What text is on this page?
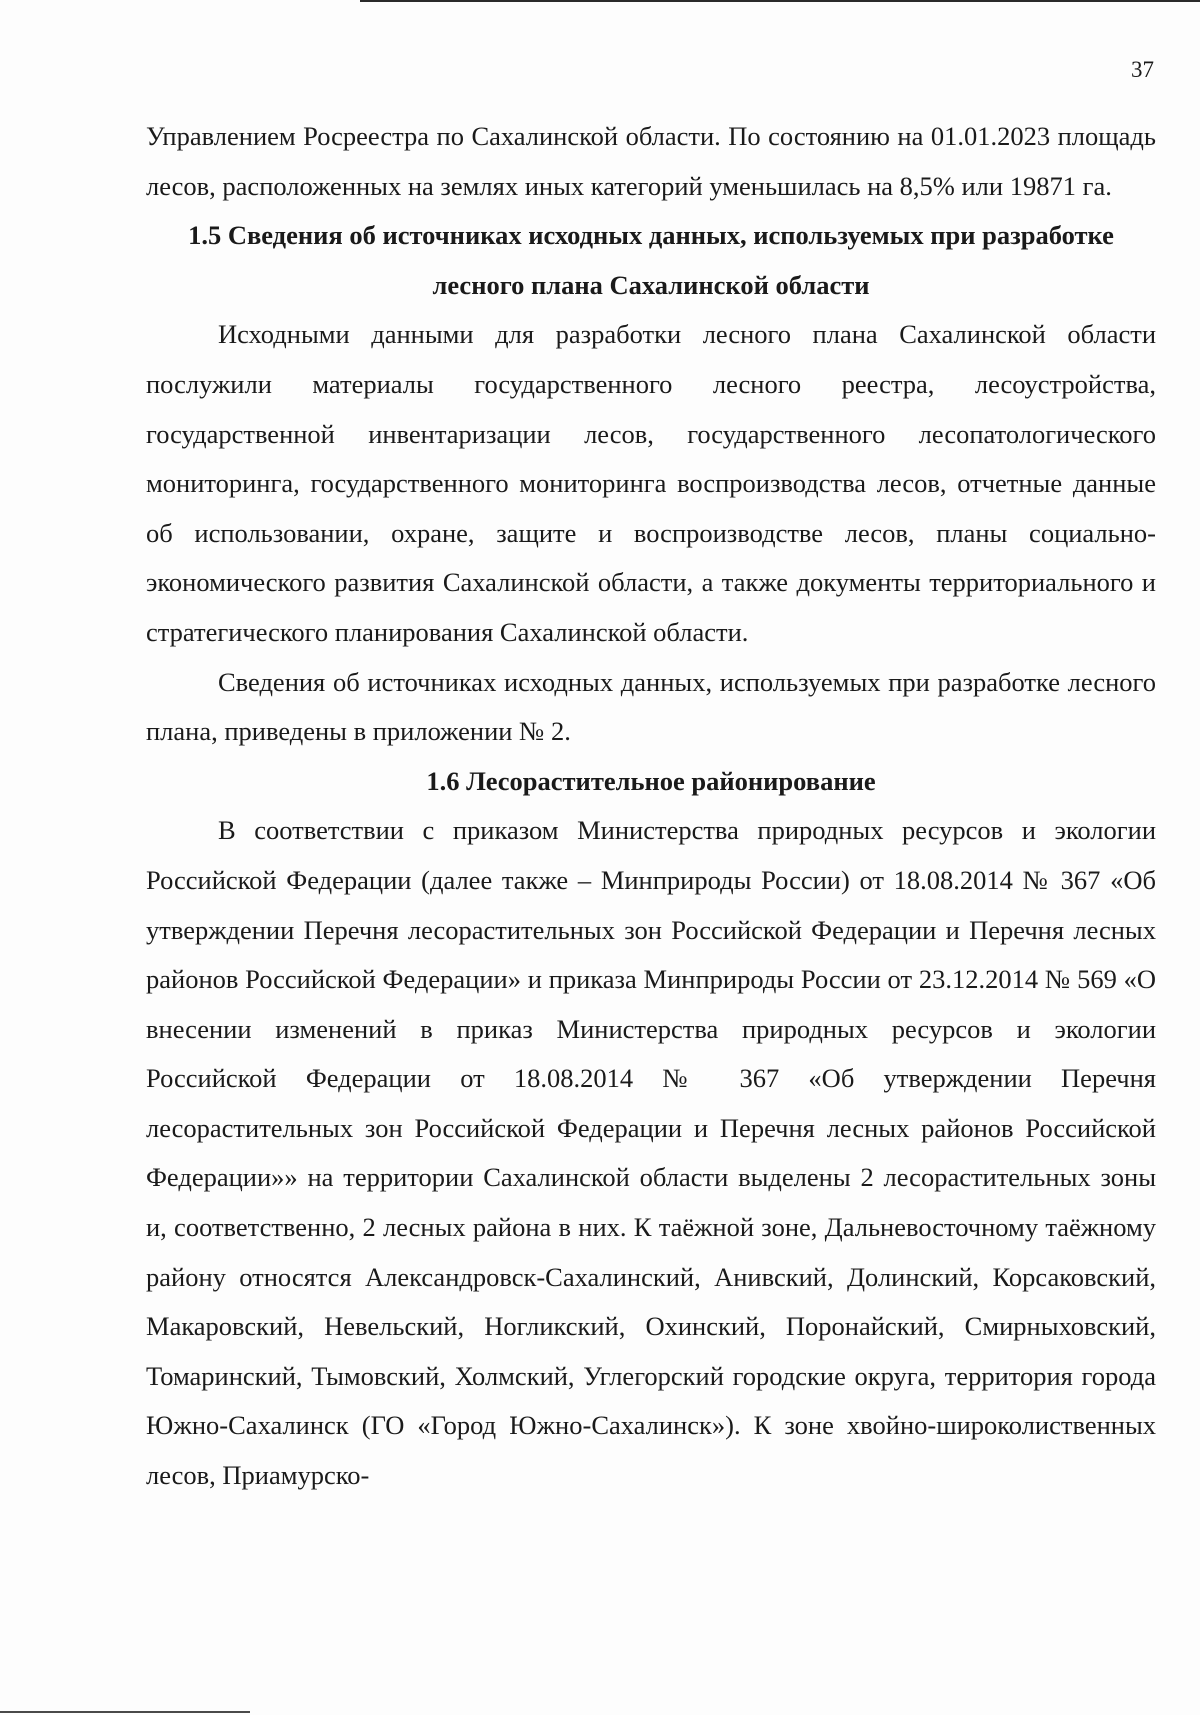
37

Управлением Росреестра по Сахалинской области. По состоянию на 01.01.2023 площадь лесов, расположенных на землях иных категорий уменьшилась на 8,5% или 19871 га.

1.5 Сведения об источниках исходных данных, используемых при разработке
лесного плана Сахалинской области

Исходными данными для разработки лесного плана Сахалинской области послужили материалы государственного лесного реестра, лесоустройства, государственной инвентаризации лесов, государственного лесопатологического мониторинга, государственного мониторинга воспроизводства лесов, отчетные данные об использовании, охране, защите и воспроизводстве лесов, планы социально-экономического развития Сахалинской области, а также документы территориального и стратегического планирования Сахалинской области.

Сведения об источниках исходных данных, используемых при разработке лесного плана, приведены в приложении № 2.

1.6 Лесорастительное районирование

В соответствии с приказом Министерства природных ресурсов и экологии Российской Федерации (далее также – Минприроды России) от 18.08.2014 № 367 «Об утверждении Перечня лесорастительных зон Российской Федерации и Перечня лесных районов Российской Федерации» и приказа Минприроды России от 23.12.2014 № 569 «О внесении изменений в приказ Министерства природных ресурсов и экологии Российской Федерации от 18.08.2014 № 367 «Об утверждении Перечня лесорастительных зон Российской Федерации и Перечня лесных районов Российской Федерации»» на территории Сахалинской области выделены 2 лесорастительных зоны и, соответственно, 2 лесных района в них. К таёжной зоне, Дальневосточному таёжному району относятся Александровск-Сахалинский, Анивский, Долинский, Корсаковский, Макаровский, Невельский, Ногликский, Охинский, Поронайский, Смирныховский, Томаринский, Тымовский, Холмский, Углегорский городские округа, территория города Южно-Сахалинск (ГО «Город Южно-Сахалинск»). К зоне хвойно-широколиственных лесов, Приамурско-
